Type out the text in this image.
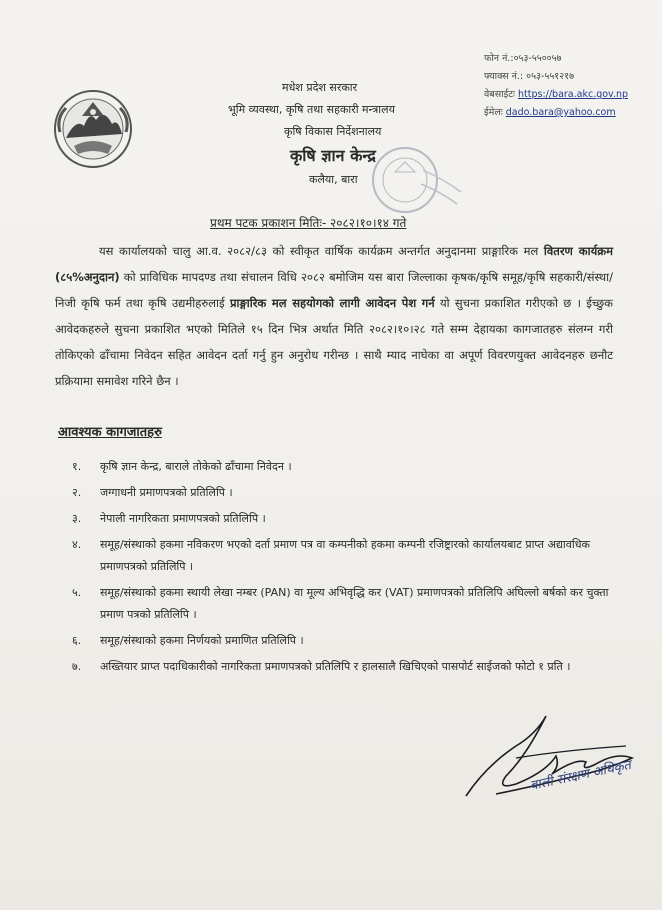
फोन नं.:०५३-५५००५७
फ्याक्स नं.: ०५३-५५१२१७
वेबसाईटः https://bara.akc.gov.np
ईमेलः dado.bara@yahoo.com
मधेश प्रदेश सरकार
भूमि व्यवस्था, कृषि तथा सहकारी मन्त्रालय
कृषि विकास निर्देशनालय
कृषि ज्ञान केन्द्र
कलैया, बारा
प्रथम पटक प्रकाशन मितिः- २०८२।१०।१४ गते

यस कार्यालयको चालु आ.व. २०८२/८३ को स्वीकृत वार्षिक कार्यक्रम अन्तर्गत अनुदानमा प्राङ्गारिक मल वितरण कार्यक्रम (८५%अनुदान) को प्राविधिक मापदण्ड तथा संचालन विधि २०८२ बमोजिम यस बारा जिल्लाका कृषक/कृषि समूह/कृषि सहकारी/संस्था/निजी कृषि फर्म तथा कृषि उद्यमीहरुलाई प्राङ्गारिक मल सहयोगको लागी आवेदन पेश गर्न यो सुचना प्रकाशित गरीएको छ । ईच्छुक आवेदकहरुले सुचना प्रकाशित भएको मितिले १५ दिन भित्र अर्थात मिति २०८२।१०।२८ गते सम्म देहायका कागजातहरु संलग्न गरी तोकिएको ढाँचामा निवेदन सहित आवेदन दर्ता गर्नु हुन अनुरोध गरीन्छ । साथै म्याद नाघेका वा अपूर्ण विवरणयुक्त आवेदनहरु छनौट प्रक्रियामा समावेश गरिने छैन ।

आवश्यक कागजातहरु
१.	कृषि ज्ञान केन्द्र, बाराले तोकेको ढाँचामा निवेदन ।
२.	जग्गाधनी प्रमाणपत्रको प्रतिलिपि ।
३.	नेपाली नागरिकता प्रमाणपत्रको प्रतिलिपि ।
४.	समूह/संस्थाको हकमा नविकरण भएको दर्ता प्रमाण पत्र वा कम्पनीको हकमा कम्पनी रजिष्ट्रारको कार्यालयबाट प्राप्त अद्यावधिक प्रमाणपत्रको प्रतिलिपि ।
५.	समूह/संस्थाको हकमा स्थायी लेखा नम्बर (PAN) वा मूल्य अभिवृद्धि कर (VAT) प्रमाणपत्रको प्रतिलिपि अघिल्लो बर्षको कर चुक्ता प्रमाण पत्रको प्रतिलिपि ।
६.	समूह/संस्थाको हकमा निर्णयको प्रमाणित प्रतिलिपि ।
७.	अख्तियार प्राप्त पदाधिकारीको नागरिकता प्रमाणपत्रको प्रतिलिपि र हालसालै खिचिएको पासपोर्ट साईजको फोटो १ प्रति ।
बाली संरक्षण अधिकृत
